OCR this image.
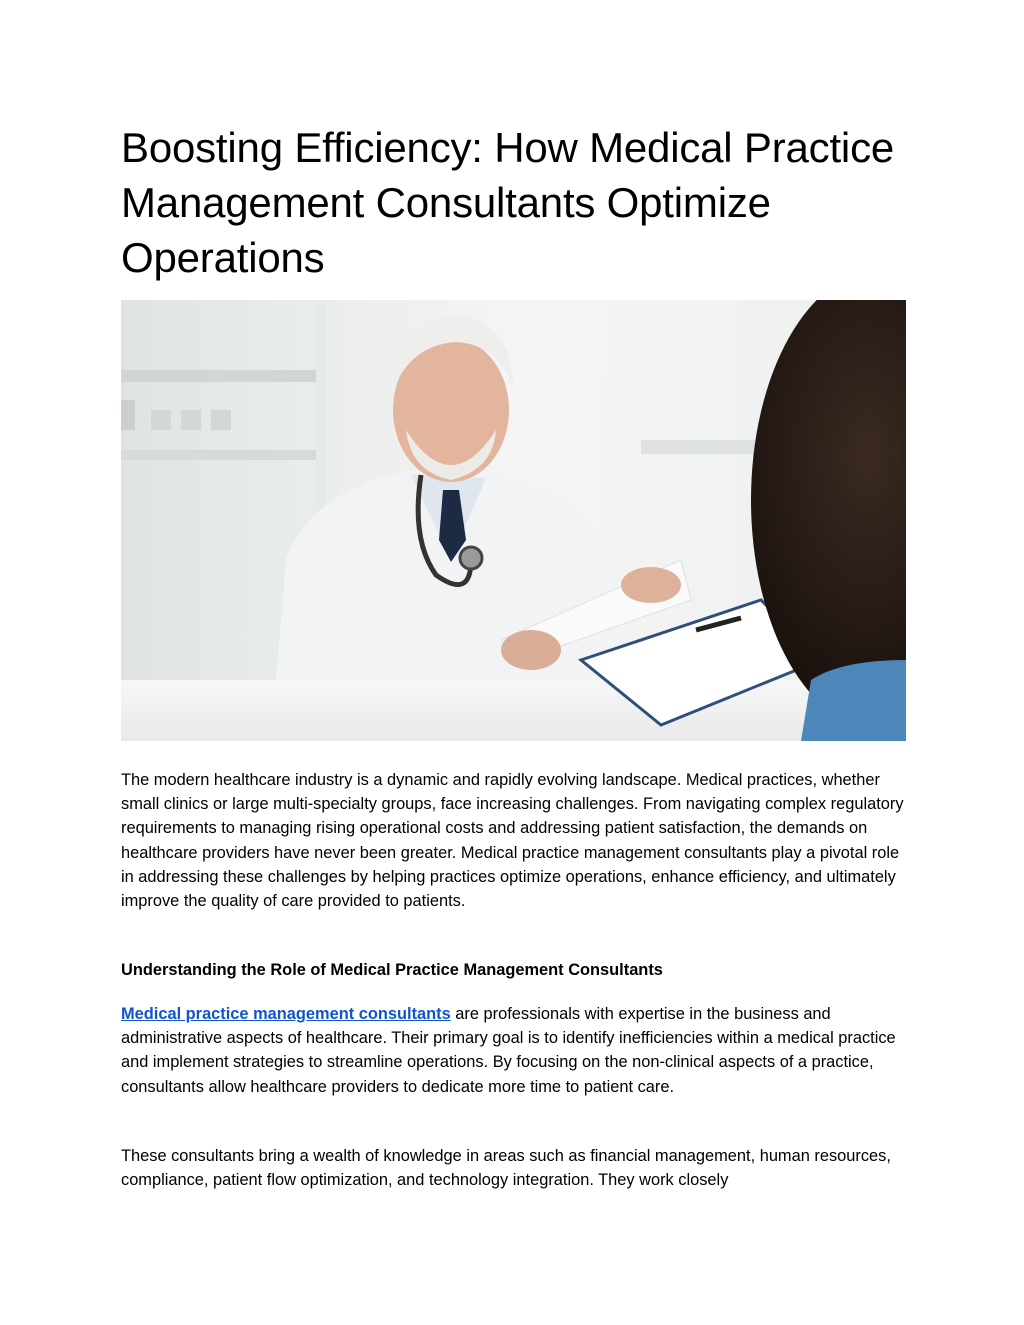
Boosting Efficiency: How Medical Practice Management Consultants Optimize Operations

The modern healthcare industry is a dynamic and rapidly evolving landscape. Medical practices, whether small clinics or large multi-specialty groups, face increasing challenges. From navigating complex regulatory requirements to managing rising operational costs and addressing patient satisfaction, the demands on healthcare providers have never been greater. Medical practice management consultants play a pivotal role in addressing these challenges by helping practices optimize operations, enhance efficiency, and ultimately improve the quality of care provided to patients.

Understanding the Role of Medical Practice Management Consultants

Medical practice management consultants are professionals with expertise in the business and administrative aspects of healthcare. Their primary goal is to identify inefficiencies within a medical practice and implement strategies to streamline operations. By focusing on the non-clinical aspects of a practice, consultants allow healthcare providers to dedicate more time to patient care.

These consultants bring a wealth of knowledge in areas such as financial management, human resources, compliance, patient flow optimization, and technology integration. They work closely
